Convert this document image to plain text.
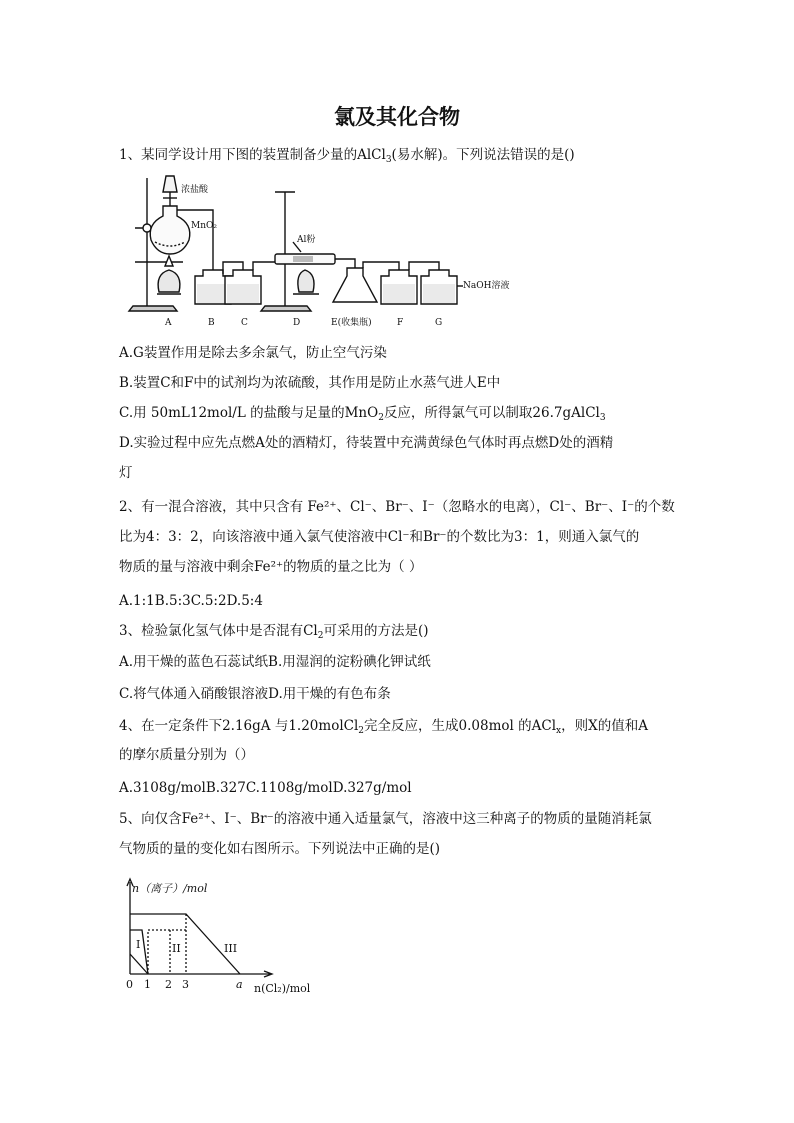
氯及其化合物
1、某同学设计用下图的装置制备少量的AlCl$_3$(易水解)。下列说法错误的是()
浓盐酸
MnO₂
Al粉
NaOH溶液
A	B	C	D	E(收集瓶)	F	G
A.G装置作用是除去多余氯气，防止空气污染
B.装置C和F中的试剂均为浓硫酸，其作用是防止水蒸气进人E中
C.用 50mL12mol/L 的盐酸与足量的MnO$_2$反应，所得氯气可以制取26.7gAlCl$_3$
D.实验过程中应先点燃A处的酒精灯，待装置中充满黄绿色气体时再点燃D处的酒精
灯
2、有一混合溶液，其中只含有 Fe²⁺、Cl⁻、Br⁻、I⁻（忽略水的电离），Cl⁻、Br⁻、I⁻的个数
比为4：3：2，向该溶液中通入氯气使溶液中Cl⁻和Br⁻的个数比为3：1，则通入氯气的
物质的量与溶液中剩余Fe²⁺的物质的量之比为（ ）
A.1:1B.5:3C.5:2D.5:4
3、检验氯化氢气体中是否混有$Cl_2$可采用的方法是()
A.用干燥的蓝色石蕊试纸B.用湿润的淀粉碘化钾试纸
C.将气体通入硝酸银溶液D.用干燥的有色布条
4、在一定条件下2.16gA 与1.20molCl$_2$完全反应，生成0.08mol 的ACl$_x$，则X的值和A
的摩尔质量分别为（）
A.3108g/molB.327C.1108g/molD.327g/mol
5、向仅含Fe²⁺、I⁻、Br⁻的溶液中通入适量氯气，溶液中这三种离子的物质的量随消耗氯
气物质的量的变化如右图所示。下列说法中正确的是()
n（离子）/mol
n(Cl₂)/mol
0 1 2 3	a
I	II	III
